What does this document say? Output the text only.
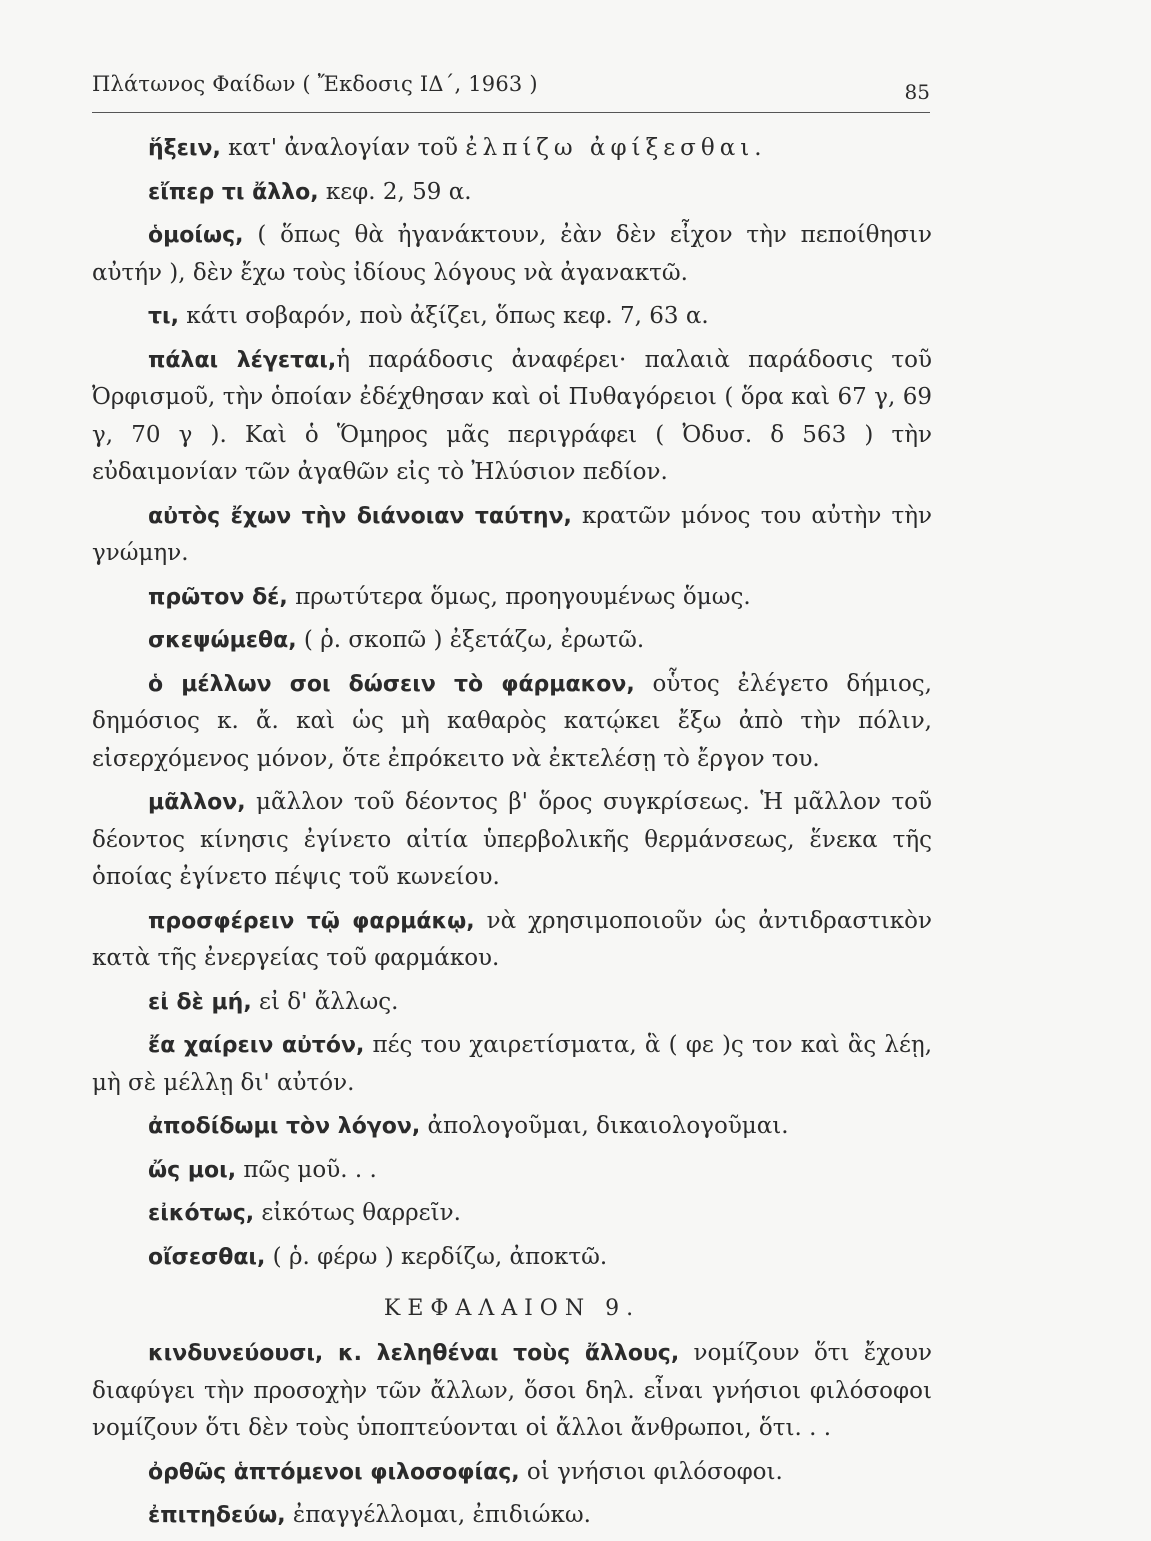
Πλάτωνος Φαίδων ( Ἔκδοσις ΙΔ΄, 1963 )	85

ἥξειν, κατ' ἀναλογίαν τοῦ ἐλπίζω ἀφίξεσθαι.

εἴπερ τι ἄλλο, κεφ. 2, 59 α.

ὁμοίως, ( ὅπως θὰ ἠγανάκτουν, ἐὰν δὲν εἶχον τὴν πεποίθησιν αὐτήν ), δὲν ἔχω τοὺς ἰδίους λόγους νὰ ἀγανακτῶ.

τι, κάτι σοβαρόν, ποὺ ἀξίζει, ὅπως κεφ. 7, 63 α.

πάλαι λέγεται,ἡ παράδοσις ἀναφέρει· παλαιὰ παράδοσις τοῦ Ὀρφισμοῦ, τὴν ὁποίαν ἐδέχθησαν καὶ οἱ Πυθαγόρειοι ( ὅρα καὶ 67 γ, 69 γ, 70 γ ). Καὶ ὁ Ὅμηρος μᾶς περιγράφει ( Ὀδυσ. δ 563 ) τὴν εὐδαιμονίαν τῶν ἀγαθῶν εἰς τὸ Ἠλύσιον πεδίον.

αὐτὸς ἔχων τὴν διάνοιαν ταύτην, κρατῶν μόνος του αὐτὴν τὴν γνώμην.

πρῶτον δέ, πρωτύτερα ὅμως, προηγουμένως ὅμως.

σκεψώμεθα, ( ῥ. σκοπῶ ) ἐξετάζω, ἐρωτῶ.

ὁ μέλλων σοι δώσειν τὸ φάρμακον, οὗτος ἐλέγετο δήμιος, δημόσιος κ. ἄ. καὶ ὡς μὴ καθαρὸς κατῴκει ἔξω ἀπὸ τὴν πόλιν, εἰσερχόμενος μόνον, ὅτε ἐπρόκειτο νὰ ἐκτελέσῃ τὸ ἔργον του.

μᾶλλον, μᾶλλον τοῦ δέοντος β' ὅρος συγκρίσεως. Ἡ μᾶλλον τοῦ δέοντος κίνησις ἐγίνετο αἰτία ὑπερβολικῆς θερμάνσεως, ἕνεκα τῆς ὁποίας ἐγίνετο πέψις τοῦ κωνείου.

προσφέρειν τῷ φαρμάκῳ, νὰ χρησιμοποιοῦν ὡς ἀντιδραστικὸν κατὰ τῆς ἐνεργείας τοῦ φαρμάκου.

εἰ δὲ μή, εἰ δ' ἄλλως.

ἔα χαίρειν αὐτόν, πές του χαιρετίσματα, ἃ ( φε )ς τον καὶ ἃς λέῃ, μὴ σὲ μέλλῃ δι' αὐτόν.

ἀποδίδωμι τὸν λόγον, ἀπολογοῦμαι, δικαιολογοῦμαι.

ὤς μοι, πῶς μοῦ. . .

εἰκότως, εἰκότως θαρρεῖν.

οἴσεσθαι, ( ῥ. φέρω ) κερδίζω, ἀποκτῶ.

ΚΕΦΑΛΑΙΟΝ 9.

κινδυνεύουσι, κ. λεληθέναι τοὺς ἄλλους, νομίζουν ὅτι ἔχουν διαφύγει τὴν προσοχὴν τῶν ἄλλων, ὅσοι δηλ. εἶναι γνήσιοι φιλόσοφοι νομίζουν ὅτι δὲν τοὺς ὑποπτεύονται οἱ ἄλλοι ἄνθρωποι, ὅτι. . .

ὀρθῶς ἁπτόμενοι φιλοσοφίας, οἱ γνήσιοι φιλόσοφοι.

ἐπιτηδεύω, ἐπαγγέλλομαι, ἐπιδιώκω.
